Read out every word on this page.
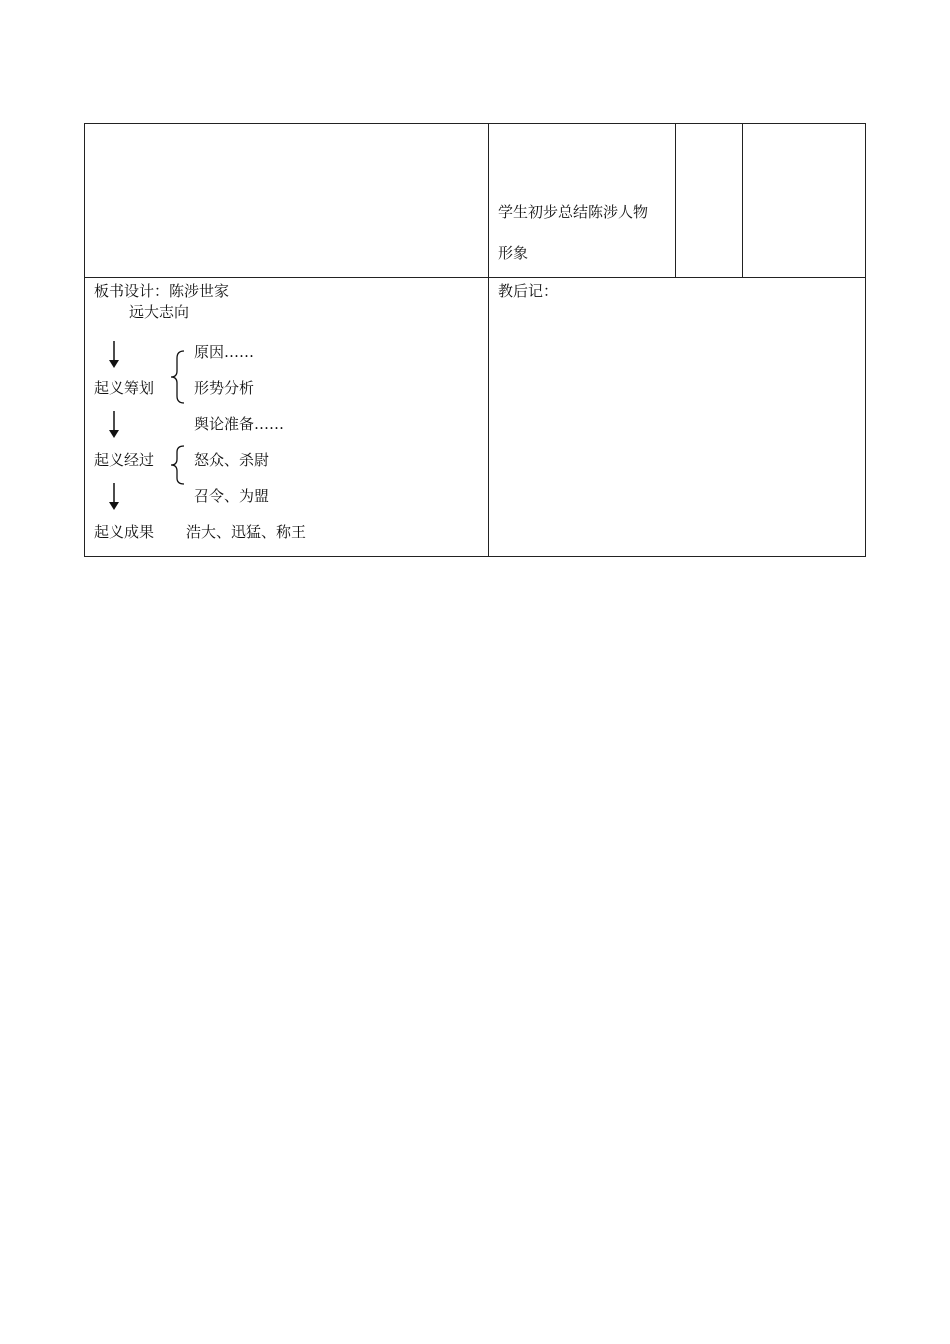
学生初步总结陈涉人物
形象
板书设计：陈涉世家
远大志向
起义筹划
原因……
形势分析
舆论准备……
起义经过	怒众、杀尉
召令、为盟
起义成果 浩大、迅猛、称王
教后记：
